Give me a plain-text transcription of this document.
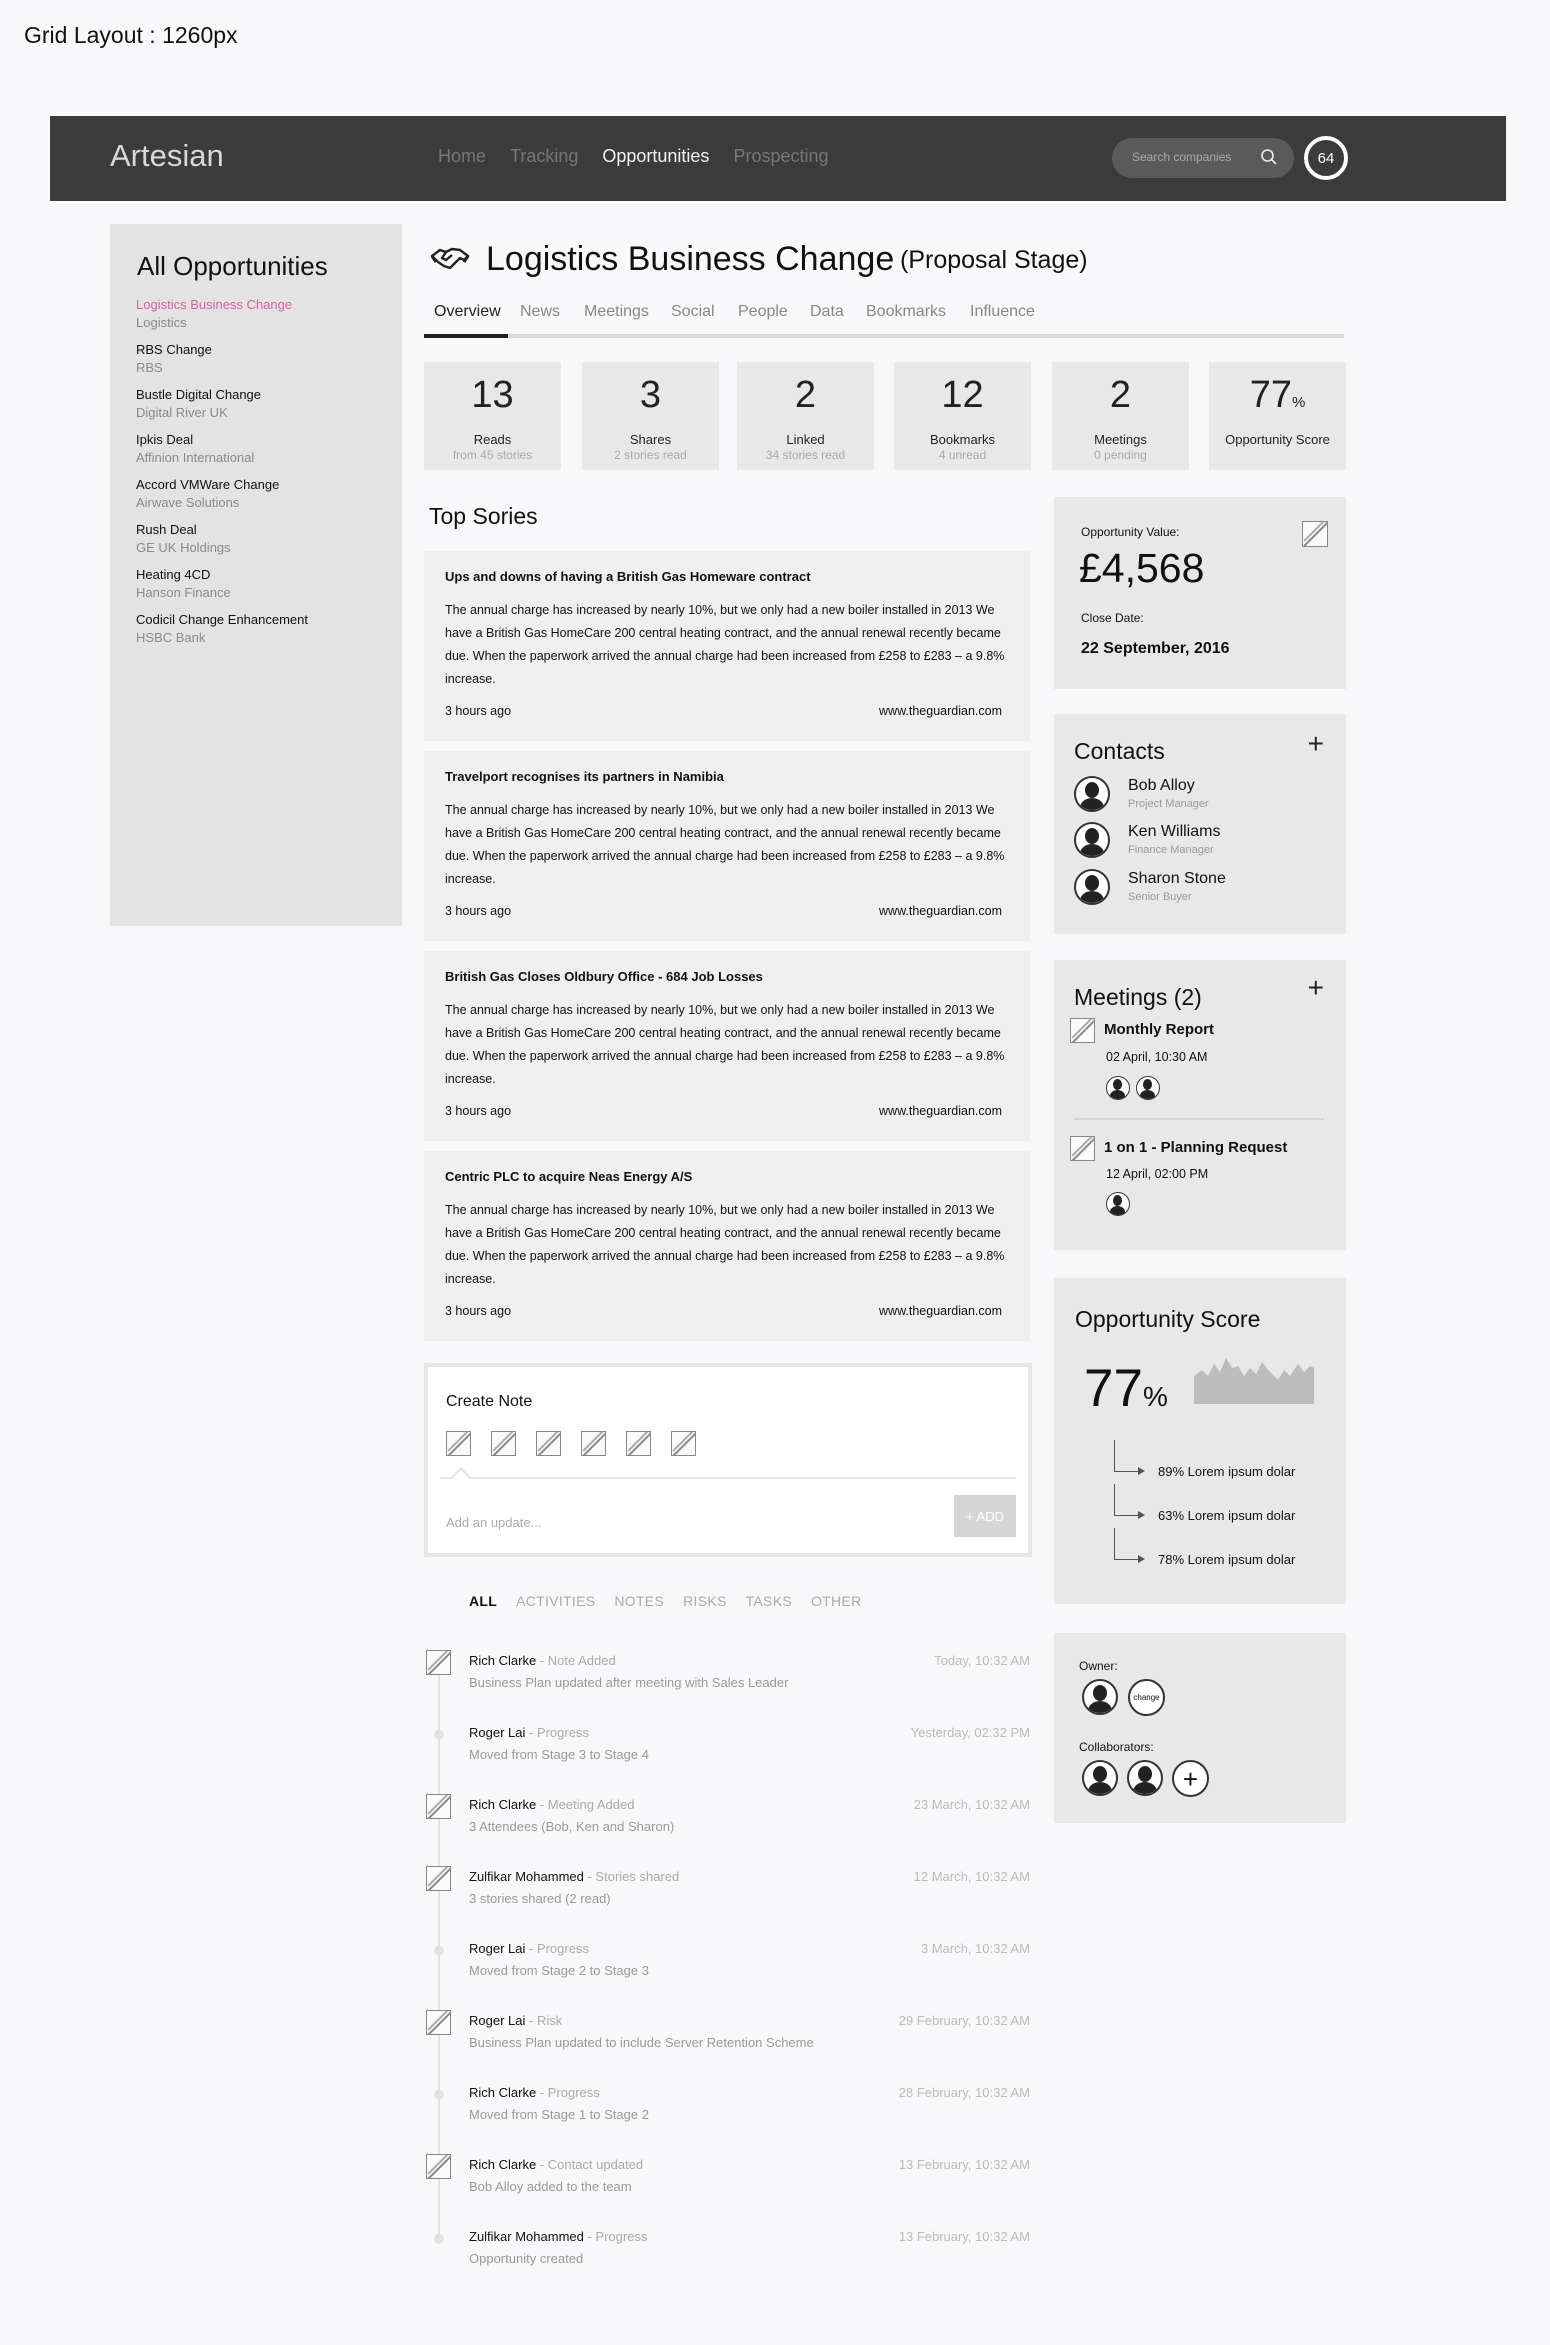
Grid Layout : 1260px
Artesian	Home Tracking Opportunities Prospecting	Search companies	64
All Opportunities
Logistics Business Change
Logistics
RBS Change
RBS
Bustle Digital Change
Digital River UK
Ipkis Deal
Affinion International
Accord VMWare Change
Airwave Solutions
Rush Deal
GE UK Holdings
Heating 4CD
Hanson Finance
Codicil Change Enhancement
HSBC Bank
Logistics Business Change (Proposal Stage)
Overview News Meetings Social People Data Bookmarks Influence
13
Reads
from 45 stories
3
Shares
2 stories read
2
Linked
34 stories read
12
Bookmarks
4 unread
2
Meetings
0 pending
77%
Opportunity Score
Top Sories
Ups and downs of having a British Gas Homeware contract
The annual charge has increased by nearly 10%, but we only had a new boiler installed in 2013 We have a British Gas HomeCare 200 central heating contract, and the annual renewal recently became due. When the paperwork arrived the annual charge had been increased from £258 to £283 – a 9.8% increase.
3 hours ago	www.theguardian.com
Travelport recognises its partners in Namibia
The annual charge has increased by nearly 10%, but we only had a new boiler installed in 2013 We have a British Gas HomeCare 200 central heating contract, and the annual renewal recently became due. When the paperwork arrived the annual charge had been increased from £258 to £283 – a 9.8% increase.
3 hours ago	www.theguardian.com
British Gas Closes Oldbury Office - 684 Job Losses
The annual charge has increased by nearly 10%, but we only had a new boiler installed in 2013 We have a British Gas HomeCare 200 central heating contract, and the annual renewal recently became due. When the paperwork arrived the annual charge had been increased from £258 to £283 – a 9.8% increase.
3 hours ago	www.theguardian.com
Centric PLC to acquire Neas Energy A/S
The annual charge has increased by nearly 10%, but we only had a new boiler installed in 2013 We have a British Gas HomeCare 200 central heating contract, and the annual renewal recently became due. When the paperwork arrived the annual charge had been increased from £258 to £283 – a 9.8% increase.
3 hours ago	www.theguardian.com
Create Note
Add an update...	+ ADD
ALL ACTIVITIES NOTES RISKS TASKS OTHER
Rich Clarke - Note Added
Business Plan updated after meeting with Sales Leader
Today, 10:32 AM
Roger Lai - Progress
Moved from Stage 3 to Stage 4
Yesterday, 02:32 PM
Rich Clarke - Meeting Added
3 Attendees (Bob, Ken and Sharon)
23 March, 10:32 AM
Zulfikar Mohammed - Stories shared
3 stories shared (2 read)
12 March, 10:32 AM
Roger Lai - Progress
Moved from Stage 2 to Stage 3
3 March, 10:32 AM
Roger Lai - Risk
Business Plan updated to include Server Retention Scheme
29 February, 10:32 AM
Rich Clarke - Progress
Moved from Stage 1 to Stage 2
28 February, 10:32 AM
Rich Clarke - Contact updated
Bob Alloy added to the team
13 February, 10:32 AM
Zulfikar Mohammed - Progress
Opportunity created
13 February, 10:32 AM
Opportunity Value:
£4,568
Close Date:
22 September, 2016
Contacts	+
Bob Alloy
Project Manager
Ken Williams
Finance Manager
Sharon Stone
Senior Buyer
Meetings (2)	+
Monthly Report
02 April, 10:30 AM
1 on 1 - Planning Request
12 April, 02:00 PM
Opportunity Score
77%
89% Lorem ipsum dolar
63% Lorem ipsum dolar
78% Lorem ipsum dolar
Owner:
change
Collaborators:
+
